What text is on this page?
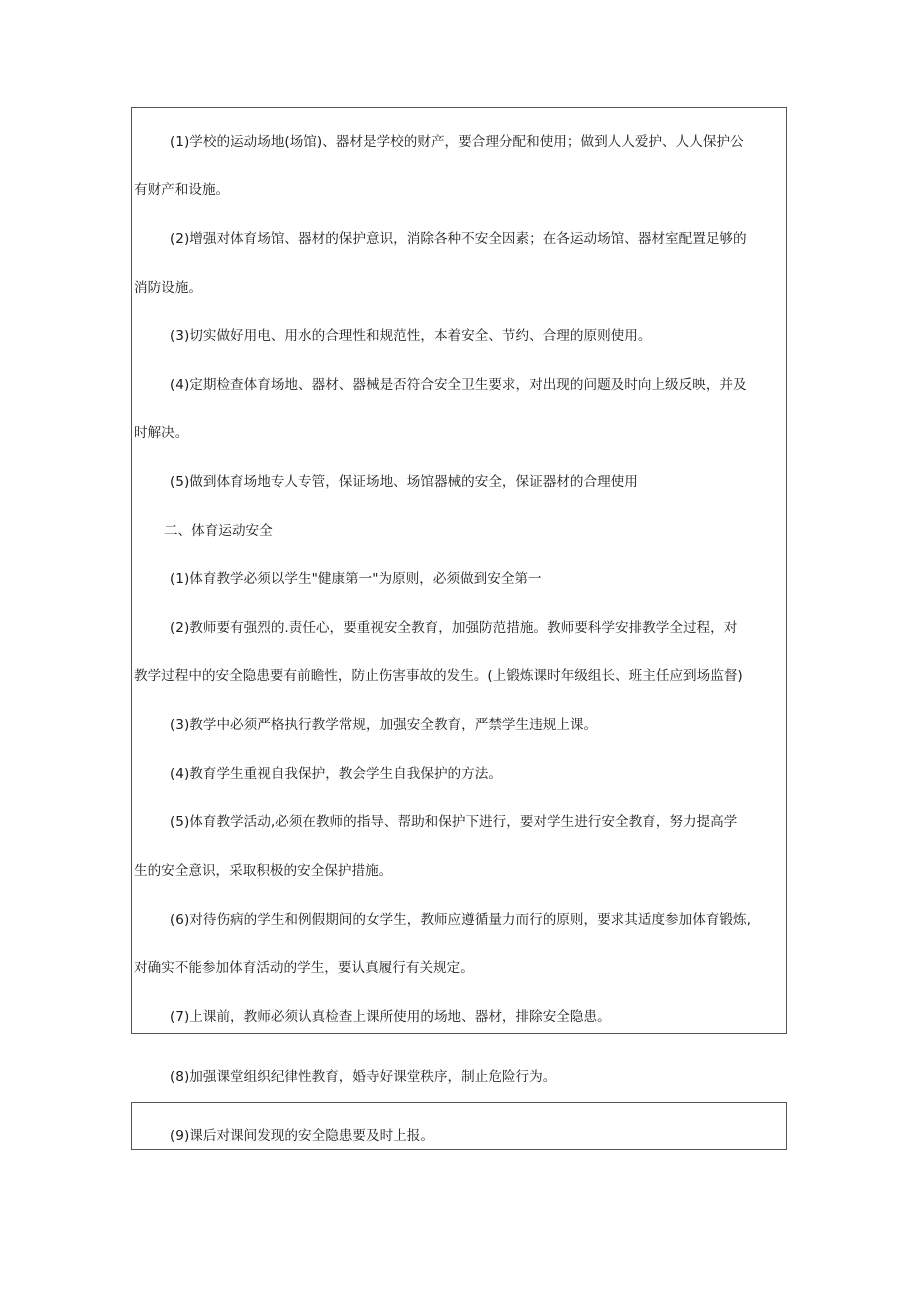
(1)学校的运动场地(场馆)、器材是学校的财产，要合理分配和使用；做到人人爱护、人人保护公
有财产和设施。
(2)增强对体育场馆、器材的保护意识，消除各种不安全因素；在各运动场馆、器材室配置足够的
消防设施。
(3)切实做好用电、用水的合理性和规范性，本着安全、节约、合理的原则使用。
(4)定期检查体育场地、器材、器械是否符合安全卫生要求，对出现的问题及时向上级反映，并及
时解决。
(5)做到体育场地专人专管，保证场地、场馆器械的安全，保证器材的合理使用
二、体育运动安全
(1)体育教学必须以学生"健康第一"为原则，必须做到安全第一
(2)教师要有强烈的.责任心，要重视安全教育，加强防范措施。教师要科学安排教学全过程，对
教学过程中的安全隐患要有前瞻性，防止伤害事故的发生。(上锻炼课时年级组长、班主任应到场监督)
(3)教学中必须严格执行教学常规，加强安全教育，严禁学生违规上课。
(4)教育学生重视自我保护，教会学生自我保护的方法。
(5)体育教学活动,必须在教师的指导、帮助和保护下进行，要对学生进行安全教育，努力提高学
生的安全意识，采取积极的安全保护措施。
(6)对待伤病的学生和例假期间的女学生，教师应遵循量力而行的原则，要求其适度参加体育锻炼,
对确实不能参加体育活动的学生，要认真履行有关规定。
(7)上课前，教师必须认真检查上课所使用的场地、器材，排除安全隐患。
(8)加强课堂组织纪律性教育，婚寺好课堂秩序，制止危险行为。
(9)课后对课间发现的安全隐患要及时上报。
